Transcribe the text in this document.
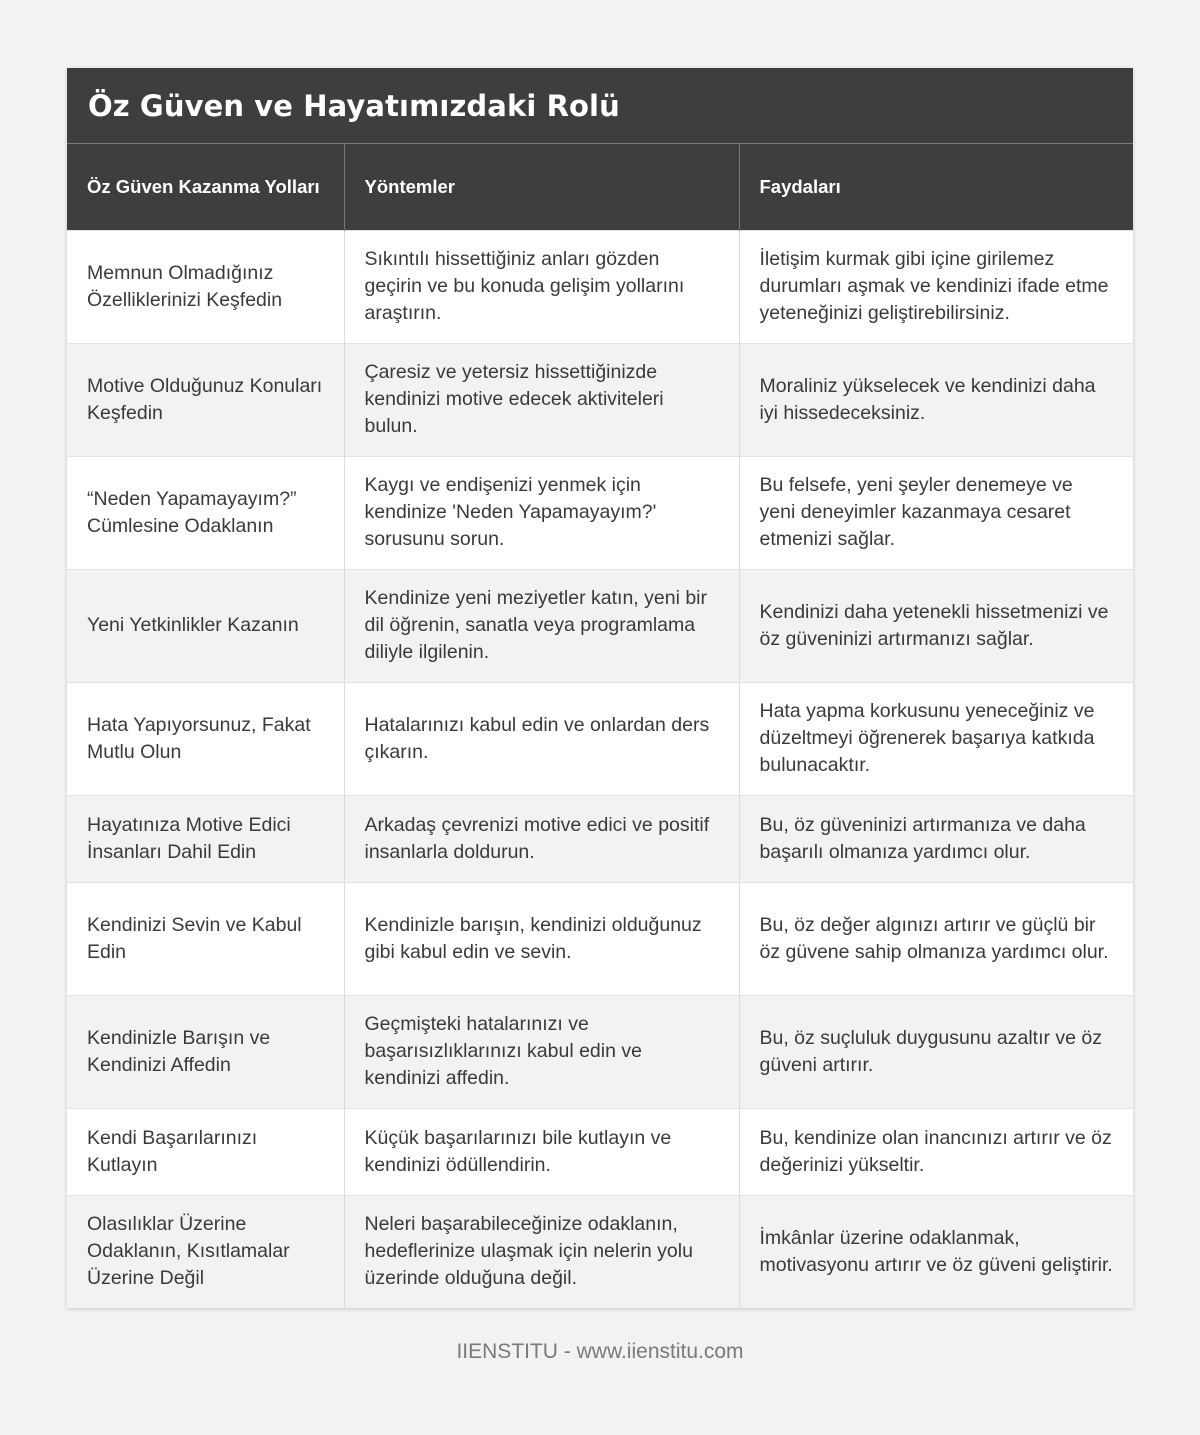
Öz Güven ve Hayatımızdaki Rolü
Öz Güven Kazanma Yolları	Yöntemler	Faydaları
Memnun Olmadığınız Özelliklerinizi Keşfedin	Sıkıntılı hissettiğiniz anları gözden geçirin ve bu konuda gelişim yollarını araştırın.	İletişim kurmak gibi içine girilemez durumları aşmak ve kendinizi ifade etme yeteneğinizi geliştirebilirsiniz.
Motive Olduğunuz Konuları Keşfedin	Çaresiz ve yetersiz hissettiğinizde kendinizi motive edecek aktiviteleri bulun.	Moraliniz yükselecek ve kendinizi daha iyi hissedeceksiniz.
“Neden Yapamayayım?” Cümlesine Odaklanın	Kaygı ve endişenizi yenmek için kendinize 'Neden Yapamayayım?' sorusunu sorun.	Bu felsefe, yeni şeyler denemeye ve yeni deneyimler kazanmaya cesaret etmenizi sağlar.
Yeni Yetkinlikler Kazanın	Kendinize yeni meziyetler katın, yeni bir dil öğrenin, sanatla veya programlama diliyle ilgilenin.	Kendinizi daha yetenekli hissetmenizi ve öz güveninizi artırmanızı sağlar.
Hata Yapıyorsunuz, Fakat Mutlu Olun	Hatalarınızı kabul edin ve onlardan ders çıkarın.	Hata yapma korkusunu yeneceğiniz ve düzeltmeyi öğrenerek başarıya katkıda bulunacaktır.
Hayatınıza Motive Edici İnsanları Dahil Edin	Arkadaş çevrenizi motive edici ve positif insanlarla doldurun.	Bu, öz güveninizi artırmanıza ve daha başarılı olmanıza yardımcı olur.
Kendinizi Sevin ve Kabul Edin	Kendinizle barışın, kendinizi olduğunuz gibi kabul edin ve sevin.	Bu, öz değer algınızı artırır ve güçlü bir öz güvene sahip olmanıza yardımcı olur.
Kendinizle Barışın ve Kendinizi Affedin	Geçmişteki hatalarınızı ve başarısızlıklarınızı kabul edin ve kendinizi affedin.	Bu, öz suçluluk duygusunu azaltır ve öz güveni artırır.
Kendi Başarılarınızı Kutlayın	Küçük başarılarınızı bile kutlayın ve kendinizi ödüllendirin.	Bu, kendinize olan inancınızı artırır ve öz değerinizi yükseltir.
Olasılıklar Üzerine Odaklanın, Kısıtlamalar Üzerine Değil	Neleri başarabileceğinize odaklanın, hedeflerinize ulaşmak için nelerin yolu üzerinde olduğuna değil.	İmkânlar üzerine odaklanmak, motivasyonu artırır ve öz güveni geliştirir.
IIENSTITU - www.iienstitu.com
